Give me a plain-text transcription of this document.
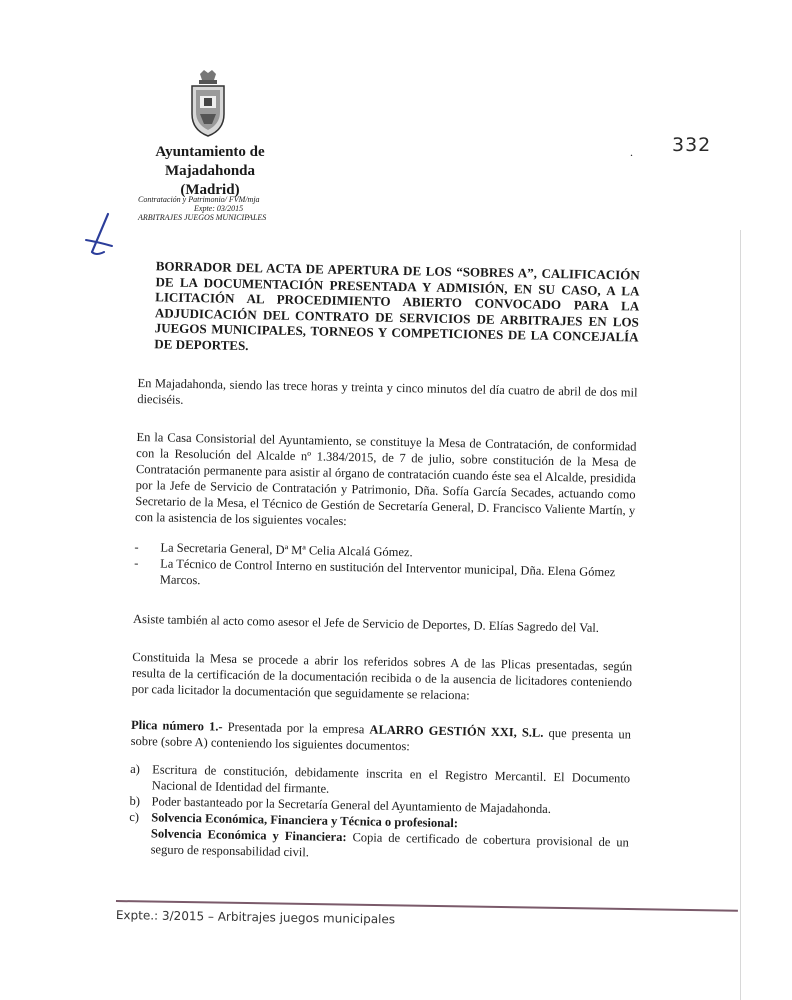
Ayuntamiento de
Majadahonda
(Madrid)
Contratación y Patrimonio/ FVM/mja
Expte: 03/2015
ARBITRAJES JUEGOS MUNICIPALES
. 332

BORRADOR DEL ACTA DE APERTURA DE LOS “SOBRES A”, CALIFICACIÓN DE LA DOCUMENTACIÓN PRESENTADA Y ADMISIÓN, EN SU CASO, A LA LICITACIÓN AL PROCEDIMIENTO ABIERTO CONVOCADO PARA LA ADJUDICACIÓN DEL CONTRATO DE SERVICIOS DE ARBITRAJES EN LOS JUEGOS MUNICIPALES, TORNEOS Y COMPETICIONES DE LA CONCEJALÍA DE DEPORTES.

En Majadahonda, siendo las trece horas y treinta y cinco minutos del día cuatro de abril de dos mil dieciséis.

En la Casa Consistorial del Ayuntamiento, se constituye la Mesa de Contratación, de conformidad con la Resolución del Alcalde nº 1.384/2015, de 7 de julio, sobre constitución de la Mesa de Contratación permanente para asistir al órgano de contratación cuando éste sea el Alcalde, presidida por la Jefe de Servicio de Contratación y Patrimonio, Dña. Sofía García Secades, actuando como Secretario de la Mesa, el Técnico de Gestión de Secretaría General, D. Francisco Valiente Martín, y con la asistencia de los siguientes vocales:

- La Secretaria General, Dª Mª Celia Alcalá Gómez.
- La Técnico de Control Interno en sustitución del Interventor municipal, Dña. Elena Gómez Marcos.

Asiste también al acto como asesor el Jefe de Servicio de Deportes, D. Elías Sagredo del Val.

Constituida la Mesa se procede a abrir los referidos sobres A de las Plicas presentadas, según resulta de la certificación de la documentación recibida o de la ausencia de licitadores conteniendo por cada licitador la documentación que seguidamente se relaciona:

Plica número 1.- Presentada por la empresa ALARRO GESTIÓN XXI, S.L. que presenta un sobre (sobre A) conteniendo los siguientes documentos:

a) Escritura de constitución, debidamente inscrita en el Registro Mercantil. El Documento Nacional de Identidad del firmante.
b) Poder bastanteado por la Secretaría General del Ayuntamiento de Majadahonda.
c) Solvencia Económica, Financiera y Técnica o profesional:
Solvencia Económica y Financiera: Copia de certificado de cobertura provisional de un seguro de responsabilidad civil.
Expte.: 3/2015 – Arbitrajes juegos municipales
